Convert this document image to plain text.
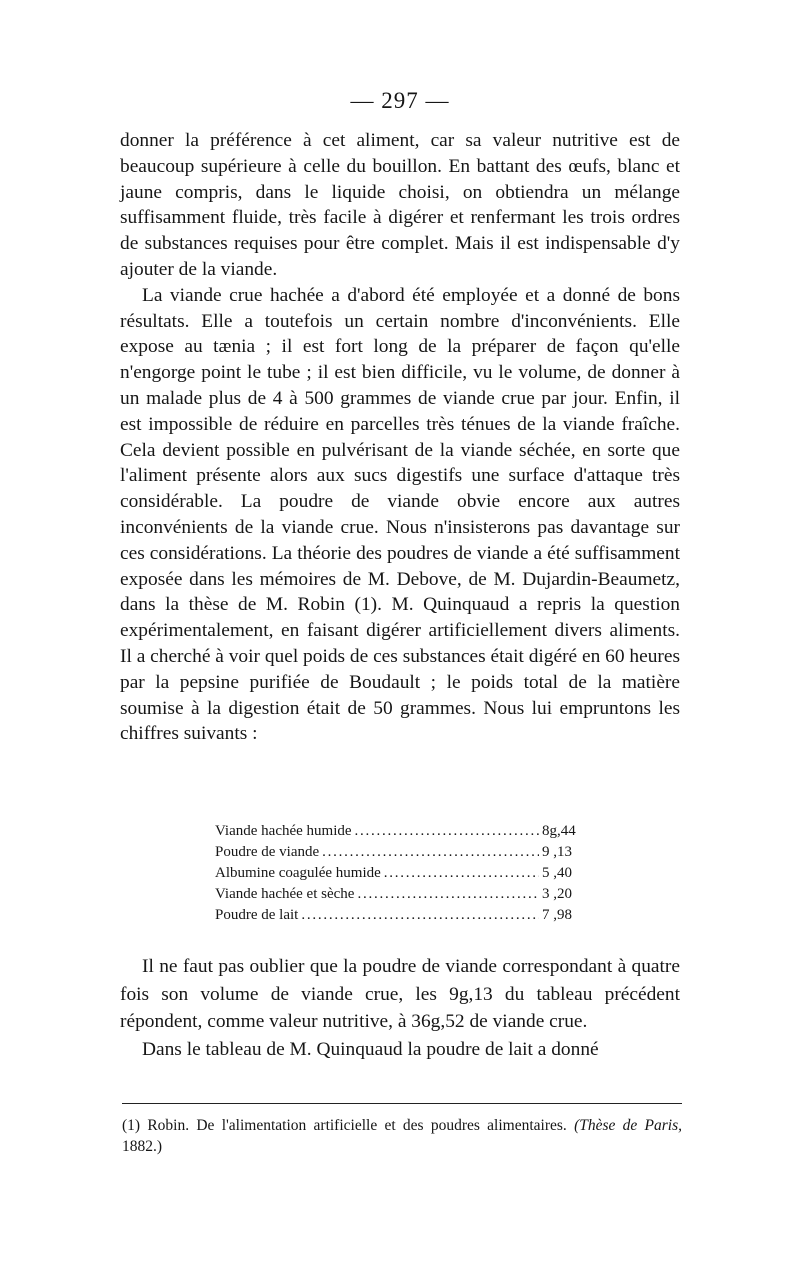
— 297 —

donner la préférence à cet aliment, car sa valeur nutritive est de beaucoup supérieure à celle du bouillon. En battant des œufs, blanc et jaune compris, dans le liquide choisi, on obtiendra un mélange suffisamment fluide, très facile à digérer et renfermant les trois ordres de substances requises pour être complet. Mais il est indispensable d'y ajouter de la viande.

La viande crue hachée a d'abord été employée et a donné de bons résultats. Elle a toutefois un certain nombre d'inconvénients. Elle expose au tænia ; il est fort long de la préparer de façon qu'elle n'engorge point le tube ; il est bien difficile, vu le volume, de donner à un malade plus de 4 à 500 grammes de viande crue par jour. Enfin, il est impossible de réduire en parcelles très ténues de la viande fraîche. Cela devient possible en pulvérisant de la viande séchée, en sorte que l'aliment présente alors aux sucs digestifs une surface d'attaque très considérable. La poudre de viande obvie encore aux autres inconvénients de la viande crue. Nous n'insisterons pas davantage sur ces considérations. La théorie des poudres de viande a été suffisamment exposée dans les mémoires de M. Debove, de M. Dujardin-Beaumetz, dans la thèse de M. Robin (1). M. Quinquaud a repris la question expérimentalement, en faisant digérer artificiellement divers aliments. Il a cherché à voir quel poids de ces substances était digéré en 60 heures par la pepsine purifiée de Boudault ; le poids total de la matière soumise à la digestion était de 50 grammes. Nous lui empruntons les chiffres suivants :

Viande hachée humide . . .	8g,44
Poudre de viande . . .	9 ,13
Albumine coagulée humide . . .	5 ,40
Viande hachée et sèche . . .	3 ,20
Poudre de lait . . .	7 ,98

Il ne faut pas oublier que la poudre de viande correspondant à quatre fois son volume de viande crue, les 9g,13 du tableau précédent répondent, comme valeur nutritive, à 36g,52 de viande crue.

Dans le tableau de M. Quinquaud la poudre de lait a donné

(1) Robin. De l'alimentation artificielle et des poudres alimentaires. (Thèse de Paris, 1882.)
